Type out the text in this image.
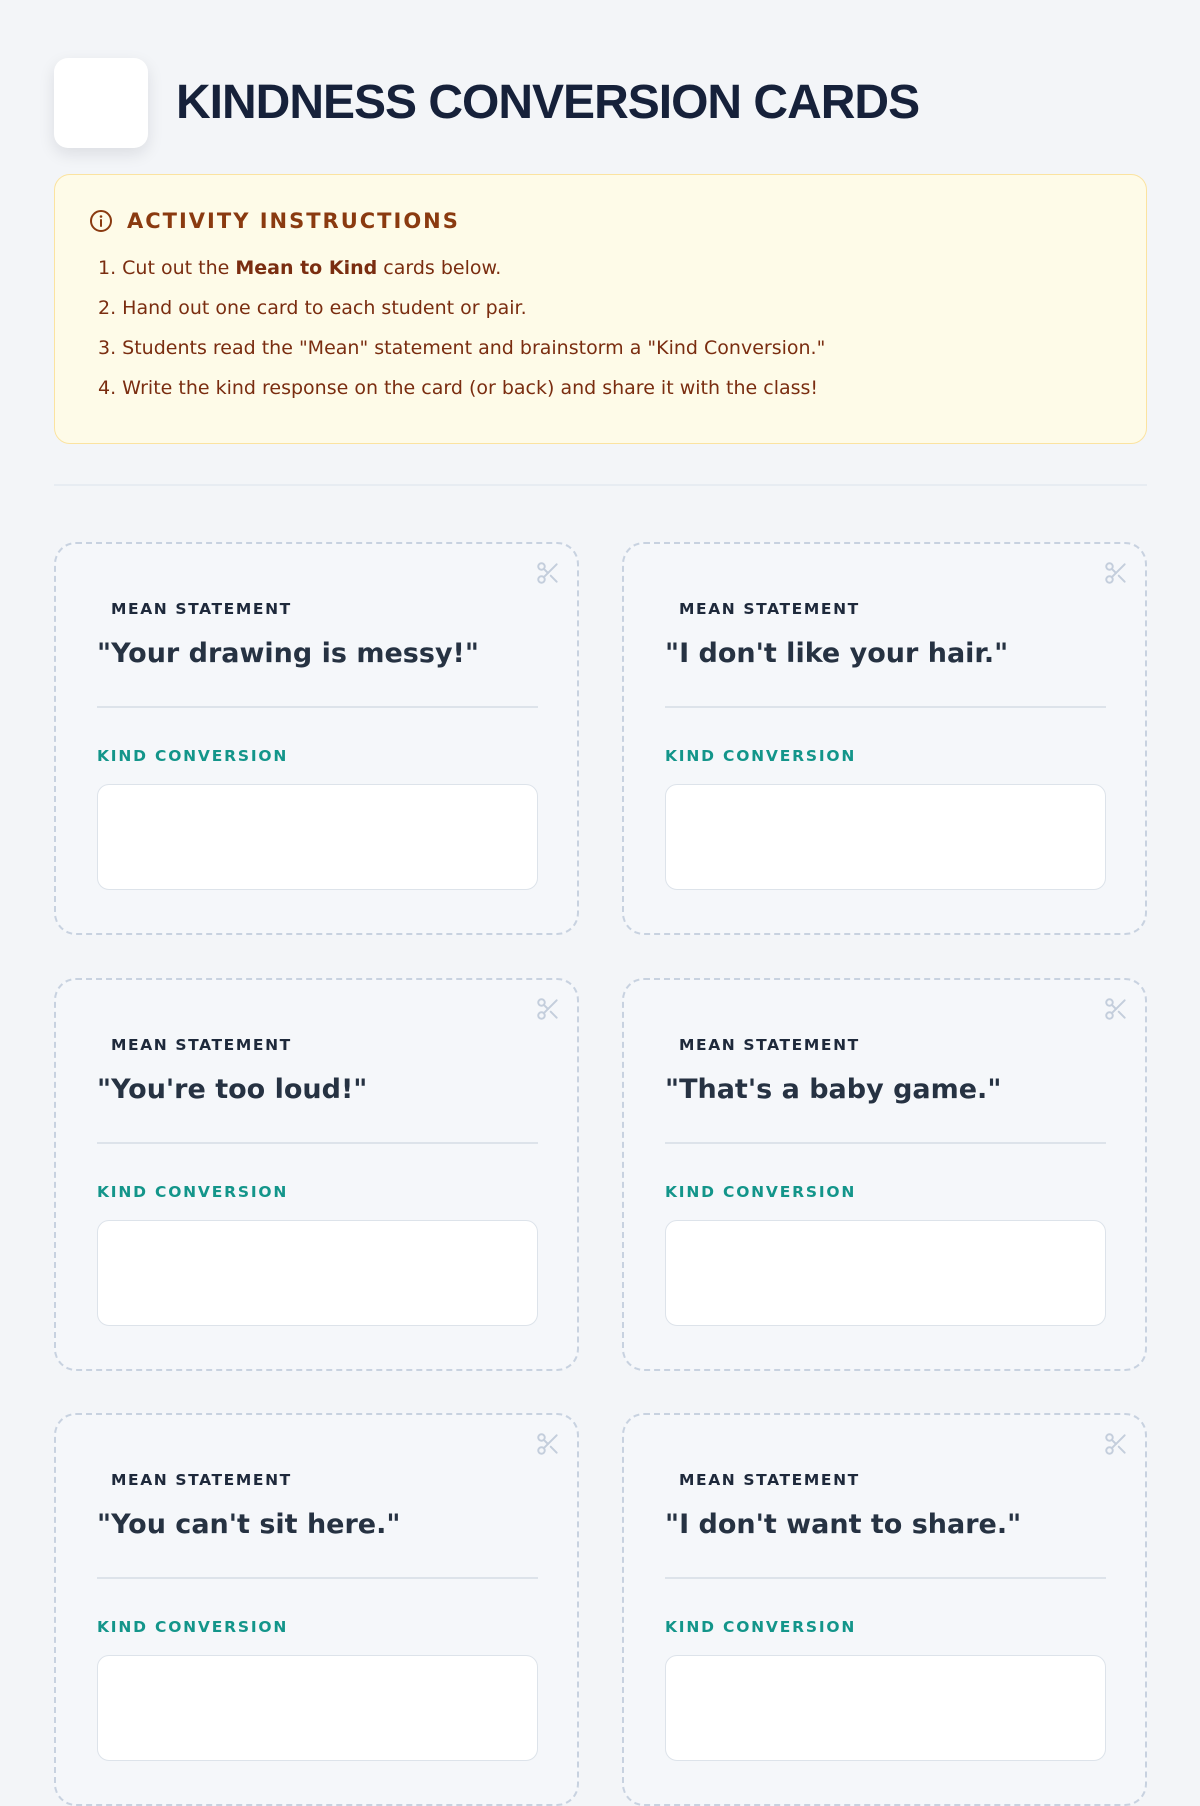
KINDNESS CONVERSION CARDS
ACTIVITY INSTRUCTIONS
1. Cut out the Mean to Kind cards below.
2. Hand out one card to each student or pair.
3. Students read the "Mean" statement and brainstorm a "Kind Conversion."
4. Write the kind response on the card (or back) and share it with the class!
MEAN STATEMENT
"Your drawing is messy!"
KIND CONVERSION
MEAN STATEMENT
"I don't like your hair."
KIND CONVERSION
MEAN STATEMENT
"You're too loud!"
KIND CONVERSION
MEAN STATEMENT
"That's a baby game."
KIND CONVERSION
MEAN STATEMENT
"You can't sit here."
KIND CONVERSION
MEAN STATEMENT
"I don't want to share."
KIND CONVERSION
